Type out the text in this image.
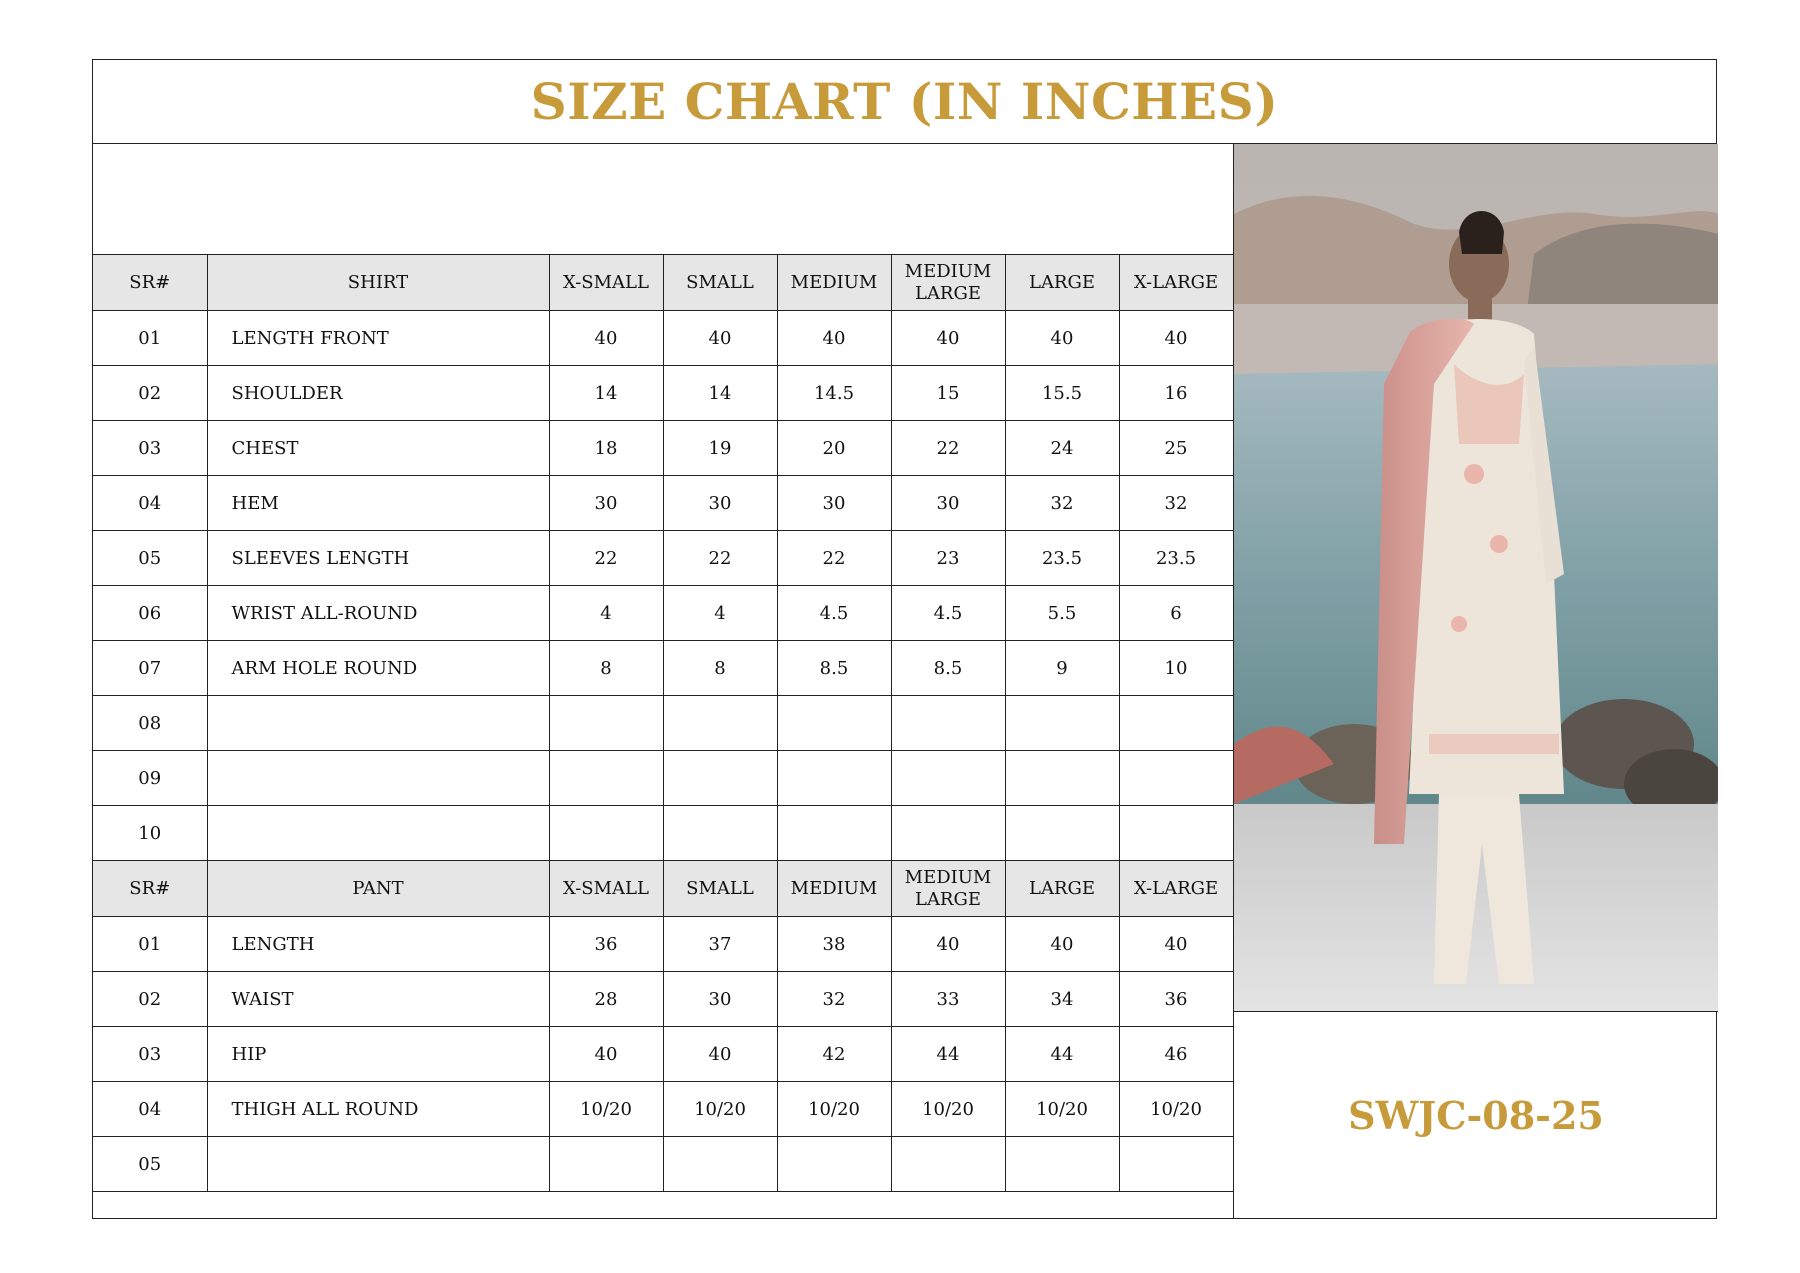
SIZE CHART (IN INCHES)
SR#	SHIRT	X-SMALL	SMALL	MEDIUM	MEDIUM LARGE	LARGE	X-LARGE
01	LENGTH FRONT	40	40	40	40	40	40
02	SHOULDER	14	14	14.5	15	15.5	16
03	CHEST	18	19	20	22	24	25
04	HEM	30	30	30	30	32	32
05	SLEEVES LENGTH	22	22	22	23	23.5	23.5
06	WRIST ALL-ROUND	4	4	4.5	4.5	5.5	6
07	ARM HOLE ROUND	8	8	8.5	8.5	9	10
08							
09							
10							
SR#	PANT	X-SMALL	SMALL	MEDIUM	MEDIUM LARGE	LARGE	X-LARGE
01	LENGTH	36	37	38	40	40	40
02	WAIST	28	30	32	33	34	36
03	HIP	40	40	42	44	44	46
04	THIGH ALL ROUND	10/20	10/20	10/20	10/20	10/20	10/20
05							
SWJC-08-25
